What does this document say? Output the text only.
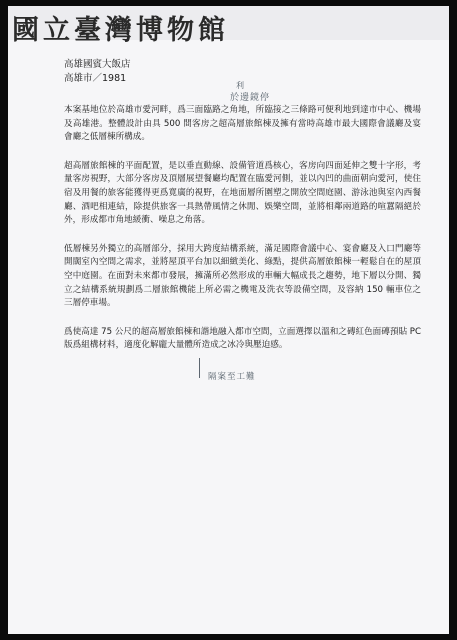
國立臺灣博物館
高雄國賓大飯店
高雄市／1981
利
於邊鏡停

本案基地位於高雄市愛河畔，爲三面臨路之角地，所臨接之三條路可便利地到達市中心、機場及高雄港。整體設計由具 500 間客房之超高層旅館棟及擁有當時高雄市最大國際會議廳及宴會廳之低層棟所構成。

超高層旅館棟的平面配置，是以垂直動線、設備管道爲核心，客房向四面延伸之雙十字形，考量客房視野，大部分客房及頂層展望餐廳均配置在臨愛河側，並以內凹的曲面朝向愛河，使住宿及用餐的旅客能獲得更爲寬廣的視野，在地面層所圍塑之開放空間庭園、游泳池與室內西餐廳、酒吧相連結，除提供旅客一具熱帶風情之休閒、娛樂空間，並將相鄰兩道路的喧囂隔絕於外，形成都市角地緩衝、噪息之角落。

低層棟另外獨立的高層部分，採用大跨度結構系統，滿足國際會議中心、宴會廳及入口門廳等開闊室內空間之需求，並將屋頂平台加以細緻美化、綠點，提供高層旅館棟一輕鬆自在的屋頂空中庭園。在面對未來都市發展，擁滿所必然形成的車輛大幅成長之趨勢，地下層以分開、獨立之結構系統規劃爲二層旅館機能上所必需之機電及洗衣等設備空間，及容納 150 輛車位之三層停車場。

爲使高達 75 公尺的超高層旅館棟和諧地融入都市空間，立面選擇以溫和之磚紅色面磚預貼 PC 版爲組構材料，適度化解龐大量體所造成之冰冷與壓迫感。

隔案至工難
